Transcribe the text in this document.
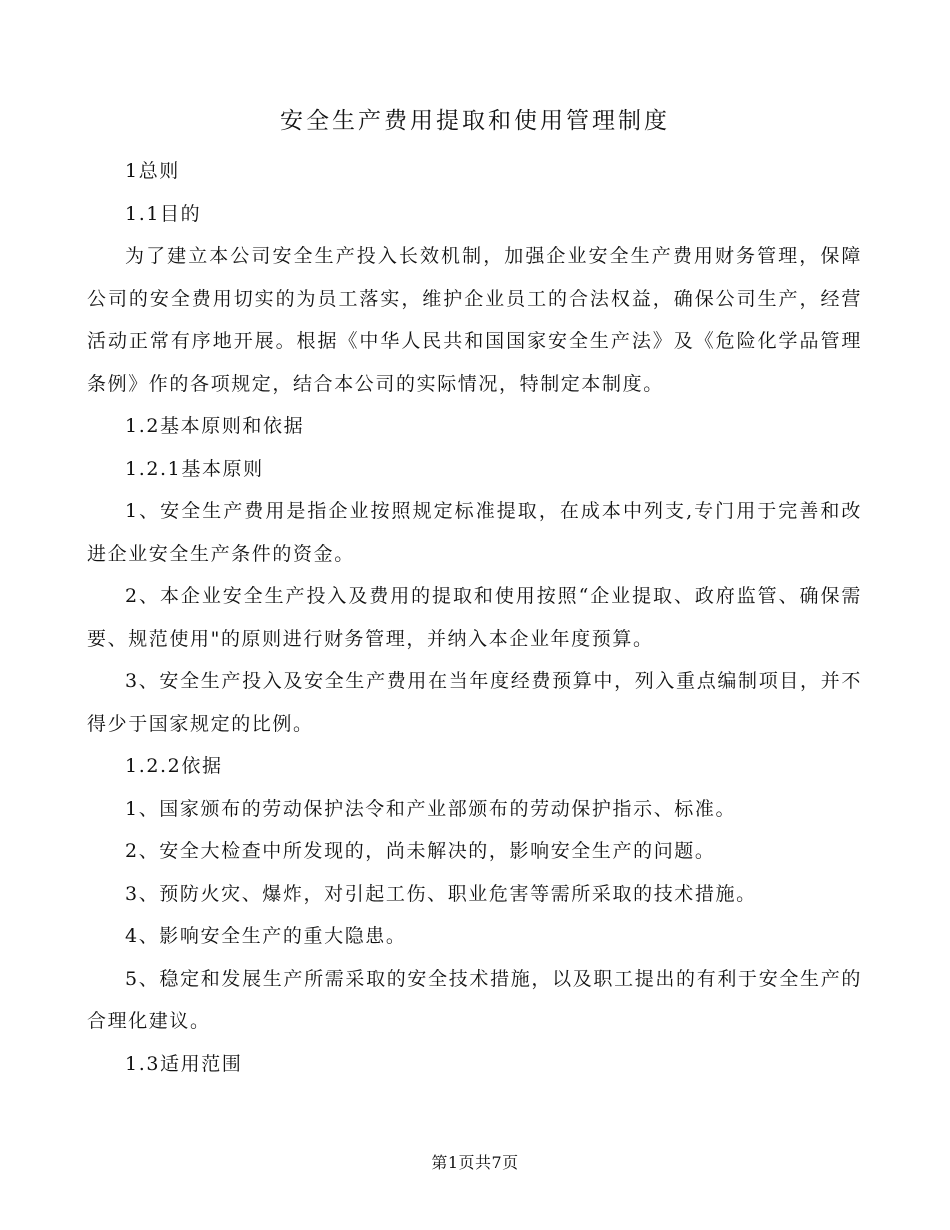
安全生产费用提取和使用管理制度

1总则

1.1目的

为了建立本公司安全生产投入长效机制，加强企业安全生产费用财务管理，保障公司的安全费用切实的为员工落实，维护企业员工的合法权益，确保公司生产，经营活动正常有序地开展。根据《中华人民共和国国家安全生产法》及《危险化学品管理条例》作的各项规定，结合本公司的实际情况，特制定本制度。

1.2基本原则和依据

1.2.1基本原则

1、安全生产费用是指企业按照规定标准提取，在成本中列支,专门用于完善和改进企业安全生产条件的资金。

2、本企业安全生产投入及费用的提取和使用按照“企业提取、政府监管、确保需要、规范使用"的原则进行财务管理，并纳入本企业年度预算。

3、安全生产投入及安全生产费用在当年度经费预算中，列入重点编制项目，并不得少于国家规定的比例。

1.2.2依据

1、国家颁布的劳动保护法令和产业部颁布的劳动保护指示、标准。

2、安全大检查中所发现的，尚未解决的，影响安全生产的问题。

3、预防火灾、爆炸，对引起工伤、职业危害等需所采取的技术措施。

4、影响安全生产的重大隐患。

5、稳定和发展生产所需采取的安全技术措施，以及职工提出的有利于安全生产的合理化建议。

1.3适用范围

第1页共7页
